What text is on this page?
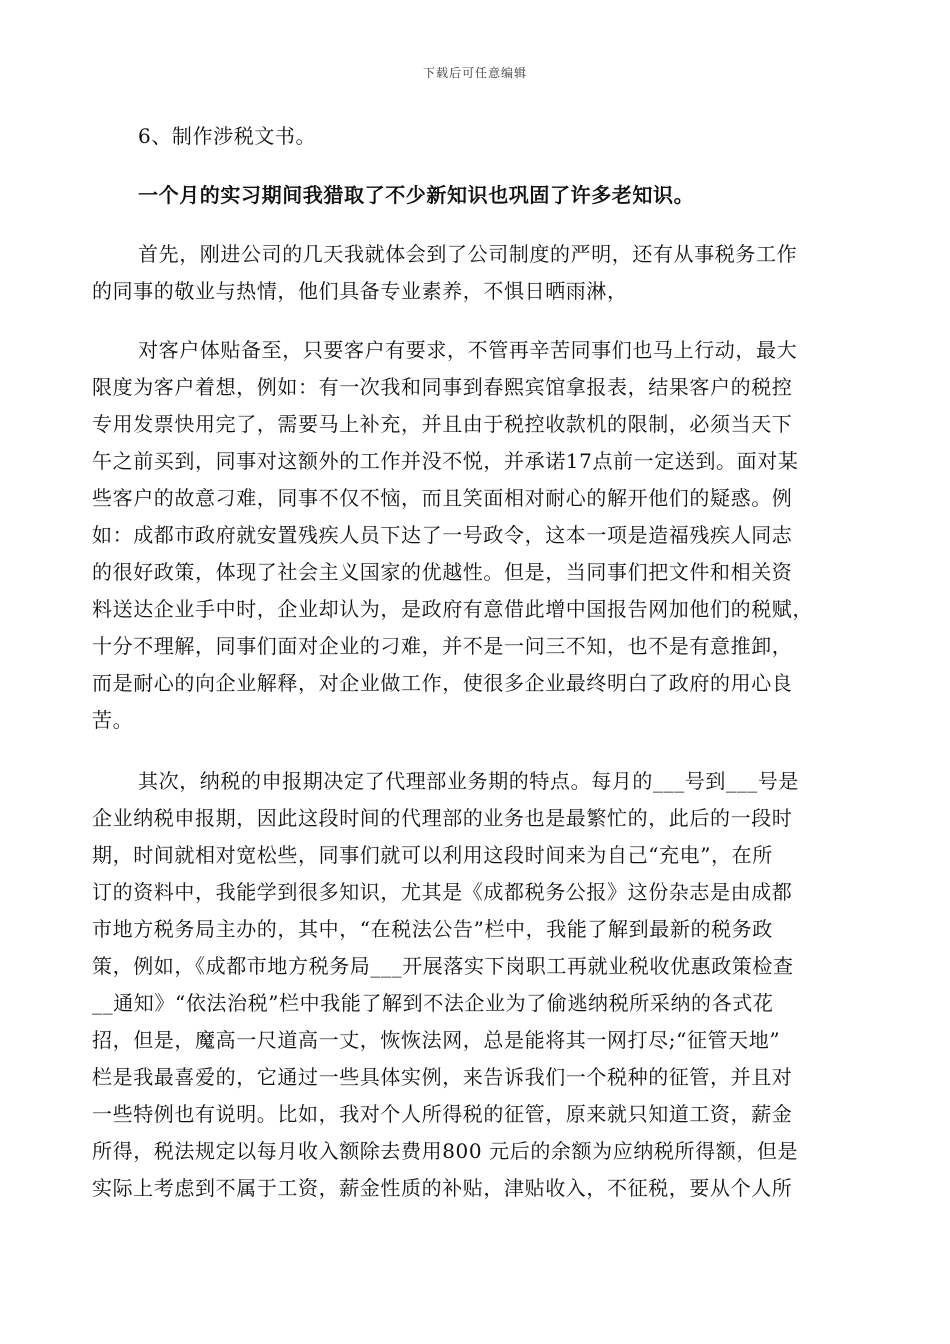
下载后可任意编辑
6、制作涉税文书。
一个月的实习期间我猎取了不少新知识也巩固了许多老知识。
首先，刚进公司的几天我就体会到了公司制度的严明，还有从事税务工作
的同事的敬业与热情，他们具备专业素养，不惧日晒雨淋，
对客户体贴备至，只要客户有要求，不管再辛苦同事们也马上行动，最大
限度为客户着想，例如：有一次我和同事到春熙宾馆拿报表，结果客户的税控
专用发票快用完了，需要马上补充，并且由于税控收款机的限制，必须当天下
午之前买到，同事对这额外的工作并没不悦，并承诺17点前一定送到。面对某
些客户的故意刁难，同事不仅不恼，而且笑面相对耐心的解开他们的疑惑。例
如：成都市政府就安置残疾人员下达了一号政令，这本一项是造福残疾人同志
的很好政策，体现了社会主义国家的优越性。但是，当同事们把文件和相关资
料送达企业手中时，企业却认为，是政府有意借此增中国报告网加他们的税赋，
十分不理解，同事们面对企业的刁难，并不是一问三不知，也不是有意推卸，
而是耐心的向企业解释，对企业做工作，使很多企业最终明白了政府的用心良
苦。
其次，纳税的申报期决定了代理部业务期的特点。每月的___号到___号是
企业纳税申报期，因此这段时间的代理部的业务也是最繁忙的，此后的一段时
期，时间就相对宽松些，同事们就可以利用这段时间来为自己“充电”，在所
订的资料中，我能学到很多知识，尤其是《成都税务公报》这份杂志是由成都
市地方税务局主办的，其中，“在税法公告”栏中，我能了解到最新的税务政
策，例如，《成都市地方税务局___开展落实下岗职工再就业税收优惠政策检查
__通知》“依法治税”栏中我能了解到不法企业为了偷逃纳税所采纳的各式花
招，但是，魔高一尺道高一丈，恢恢法网，总是能将其一网打尽;“征管天地”
栏是我最喜爱的，它通过一些具体实例，来告诉我们一个税种的征管，并且对
一些特例也有说明。比如，我对个人所得税的征管，原来就只知道工资，薪金
所得，税法规定以每月收入额除去费用800 元后的余额为应纳税所得额，但是
实际上考虑到不属于工资，薪金性质的补贴，津贴收入，不征税，要从个人所
